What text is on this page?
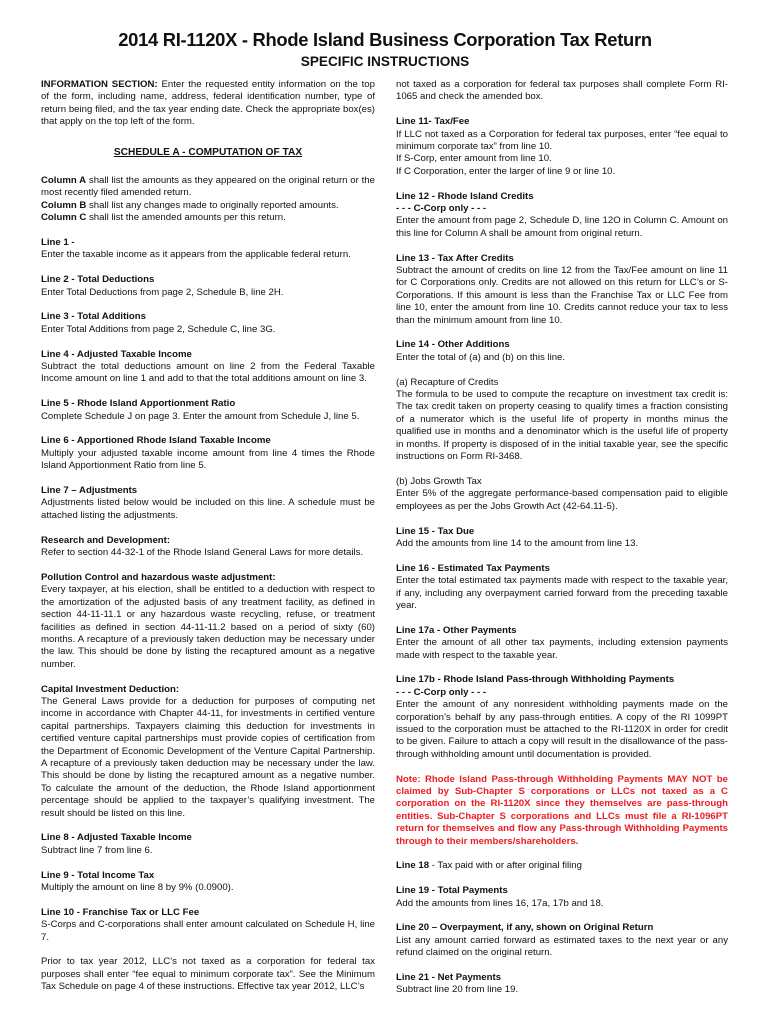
2014 RI-1120X - Rhode Island Business Corporation Tax Return
SPECIFIC INSTRUCTIONS

INFORMATION SECTION: Enter the requested entity information on the top of the form, including name, address, federal identification number, type of return being filed, and the tax year ending date. Check the appropriate box(es) that apply on the top left of the form.

SCHEDULE A - COMPUTATION OF TAX

Column A shall list the amounts as they appeared on the original return or the most recently filed amended return.
Column B shall list any changes made to originally reported amounts.
Column C shall list the amended amounts per this return.

Line 1 -
Enter the taxable income as it appears from the applicable federal return.

Line 2 - Total Deductions
Enter Total Deductions from page 2, Schedule B, line 2H.

Line 3 - Total Additions
Enter Total Additions from page 2, Schedule C, line 3G.

Line 4 - Adjusted Taxable Income
Subtract the total deductions amount on line 2 from the Federal Taxable Income amount on line 1 and add to that the total additions amount on line 3.

Line 5 - Rhode Island Apportionment Ratio
Complete Schedule J on page 3. Enter the amount from Schedule J, line 5.

Line 6 - Apportioned Rhode Island Taxable Income
Multiply your adjusted taxable income amount from line 4 times the Rhode Island Apportionment Ratio from line 5.

Line 7 – Adjustments
Adjustments listed below would be included on this line. A schedule must be attached listing the adjustments.

Research and Development:
Refer to section 44-32-1 of the Rhode Island General Laws for more details.

Pollution Control and hazardous waste adjustment:
Every taxpayer, at his election, shall be entitled to a deduction with respect to the amortization of the adjusted basis of any treatment facility, as defined in section 44-11-11.1 or any hazardous waste recycling, refuse, or treatment facilities as defined in section 44-11-11.2 based on a period of sixty (60) months. A recapture of a previously taken deduction may be necessary under the law. This should be done by listing the recaptured amount as a negative number.

Capital Investment Deduction:
The General Laws provide for a deduction for purposes of computing net income in accordance with Chapter 44-11, for investments in certified venture capital partnerships. Taxpayers claiming this deduction for investments in certified venture capital partnerships must provide copies of certification from the Department of Economic Development of the Venture Capital Partnership. A recapture of a previously taken deduction may be necessary under the law. This should be done by listing the recaptured amount as a negative number. To calculate the amount of the deduction, the Rhode Island apportionment percentage should be applied to the taxpayer’s qualifying investment. The result should be listed on this line.

Line 8 - Adjusted Taxable Income
Subtract line 7 from line 6.

Line 9 - Total Income Tax
Multiply the amount on line 8 by 9% (0.0900).

Line 10 - Franchise Tax or LLC Fee
S-Corps and C-corporations shall enter amount calculated on Schedule H, line 7.

Prior to tax year 2012, LLC’s not taxed as a corporation for federal tax purposes shall enter “fee equal to minimum corporate tax”. See the Minimum Tax Schedule on page 4 of these instructions. Effective tax year 2012, LLC’s

not taxed as a corporation for federal tax purposes shall complete Form RI-1065 and check the amended box.

Line 11- Tax/Fee
If LLC not taxed as a Corporation for federal tax purposes, enter “fee equal to minimum corporate tax” from line 10.
If S-Corp, enter amount from line 10.
If C Corporation, enter the larger of line 9 or line 10.

Line 12 - Rhode Island Credits
- - - C-Corp only - - -
Enter the amount from page 2, Schedule D, line 12O in Column C. Amount on this line for Column A shall be amount from original return.

Line 13 - Tax After Credits
Subtract the amount of credits on line 12 from the Tax/Fee amount on line 11 for C Corporations only. Credits are not allowed on this return for LLC’s or S-Corporations. If this amount is less than the Franchise Tax or LLC Fee from line 10, enter the amount from line 10. Credits cannot reduce your tax to less than the minimum amount from line 10.

Line 14 - Other Additions
Enter the total of (a) and (b) on this line.

(a) Recapture of Credits
The formula to be used to compute the recapture on investment tax credit is: The tax credit taken on property ceasing to qualify times a fraction consisting of a numerator which is the useful life of property in months minus the qualified use in months and a denominator which is the useful life of property in months. If property is disposed of in the initial taxable year, see the specific instructions on Form RI-3468.

(b) Jobs Growth Tax
Enter 5% of the aggregate performance-based compensation paid to eligible employees as per the Jobs Growth Act (42-64.11-5).

Line 15 - Tax Due
Add the amounts from line 14 to the amount from line 13.

Line 16 - Estimated Tax Payments
Enter the total estimated tax payments made with respect to the taxable year, if any, including any overpayment carried forward from the preceding taxable year.

Line 17a - Other Payments
Enter the amount of all other tax payments, including extension payments made with respect to the taxable year.

Line 17b - Rhode Island Pass-through Withholding Payments
- - - C-Corp only - - -
Enter the amount of any nonresident withholding payments made on the corporation’s behalf by any pass-through entities. A copy of the RI 1099PT issued to the corporation must be attached to the RI-1120X in order for credit to be given. Failure to attach a copy will result in the disallowance of the pass-through withholding amount until documentation is provided.

Note: Rhode Island Pass-through Withholding Payments MAY NOT be claimed by Sub-Chapter S corporations or LLCs not taxed as a C corporation on the RI-1120X since they themselves are pass-through entities. Sub-Chapter S corporations and LLCs must file a RI-1096PT return for themselves and flow any Pass-through Withholding Payments through to their members/shareholders.

Line 18 - Tax paid with or after original filing

Line 19 - Total Payments
Add the amounts from lines 16, 17a, 17b and 18.

Line 20 – Overpayment, if any, shown on Original Return
List any amount carried forward as estimated taxes to the next year or any refund claimed on the original return.

Line 21 - Net Payments
Subtract line 20 from line 19.
